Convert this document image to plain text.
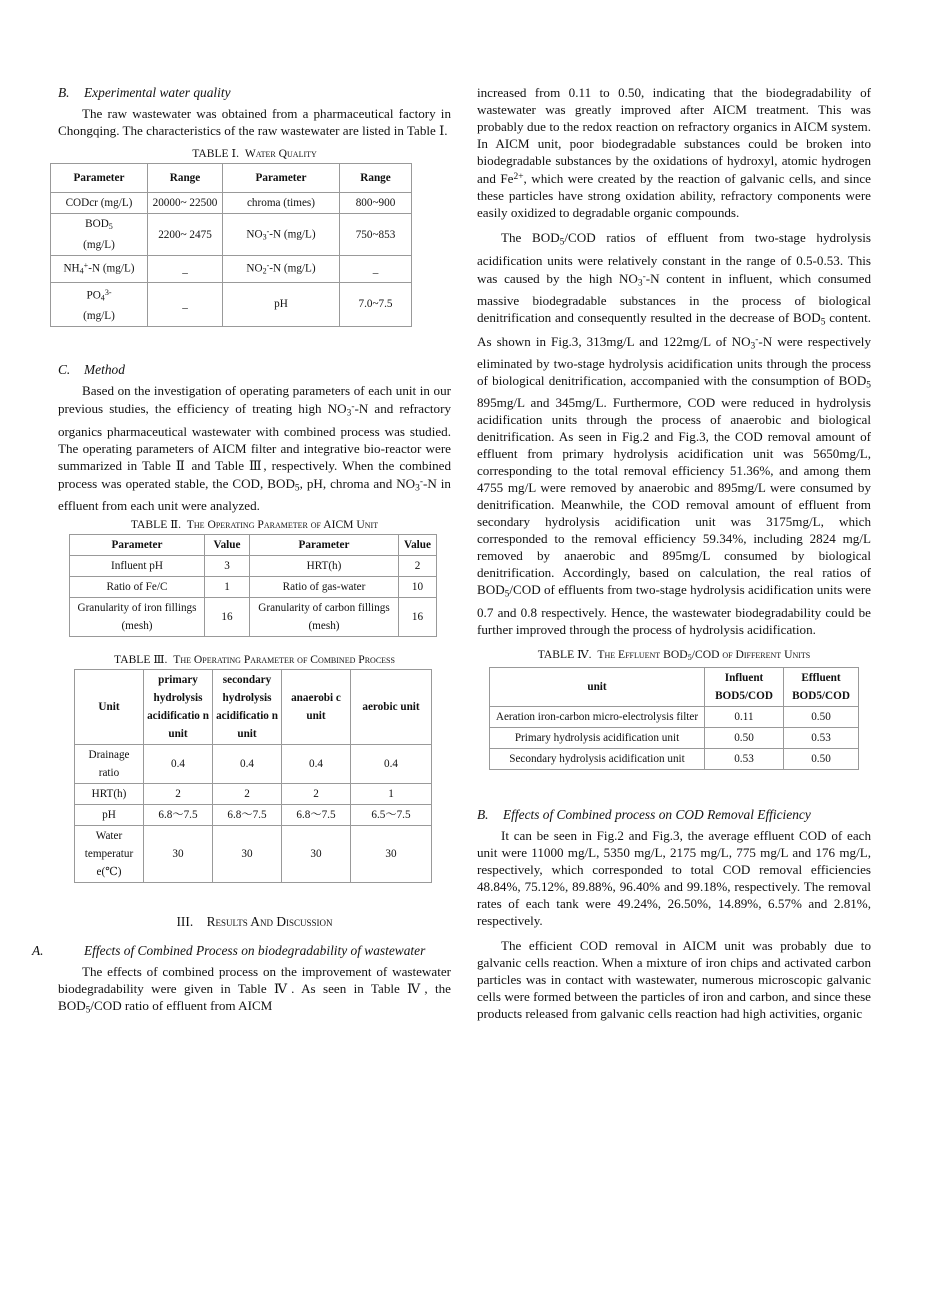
B. Experimental water quality

The raw wastewater was obtained from a pharmaceutical factory in Chongqing. The characteristics of the raw wastewater are listed in Table Ⅰ.

TABLE Ⅰ. Water Quality
Parameter	Range	Parameter	Range
CODcr (mg/L)	20000~ 22500	chroma (times)	800~900
$BOD_5$
(mg/L)	2200~ 2475	$NO_3^--N$ (mg/L)	750~853
$NH_4^+-N$ (mg/L)	_	$NO_2^--N$ (mg/L)	_
$PO_4^{3-}$
(mg/L)	_	pH	7.0~7.5
C. Method

Based on the investigation of operating parameters of each unit in our previous studies, the efficiency of treating high $NO_3^--N$ and refractory organics pharmaceutical wastewater with combined process was studied. The operating parameters of AICM filter and integrative bio-reactor were summarized in Table Ⅱ and Table Ⅲ, respectively. When the combined process was operated stable, the COD, $BOD_5$, pH, chroma and $NO_3^--N$ in effluent from each unit were analyzed.

TABLE Ⅱ. The Operating Parameter of AICM Unit
Parameter	Value	Parameter	Value
Influent pH	3	HRT(h)	2
Ratio of Fe/C	1	Ratio of gas-water	10
Granularity of iron fillings (mesh)	16	Granularity of carbon fillings (mesh)	16
TABLE Ⅲ. The Operating Parameter of Combined Process
Unit	primary hydrolysis acidificatio n unit	secondary hydrolysis acidificatio n unit	anaerobi c unit	aerobic unit
Drainage ratio	0.4	0.4	0.4	0.4
HRT(h)	2	2	2	1
pH	6.8～7.5	6.8～7.5	6.8～7.5	6.5～7.5
Water temperatur e(℃)	30	30	30	30
III. Results And Discussion
A.	Effects of Combined Process on biodegradability of wastewater

The effects of combined process on the improvement of wastewater biodegradability were given in Table Ⅳ. As seen in Table Ⅳ, the $BOD_5$/COD ratio of effluent from AICM

increased from 0.11 to 0.50, indicating that the biodegradability of wastewater was greatly improved after AICM treatment. This was probably due to the redox reaction on refractory organics in AICM system. In AICM unit, poor biodegradable substances could be broken into biodegradable substances by the oxidations of hydroxyl, atomic hydrogen and $Fe^{2+}$, which were created by the reaction of galvanic cells, and since these particles have strong oxidation ability, refractory components were easily oxidized to degradable organic compounds.

The $BOD_5$/COD ratios of effluent from two-stage hydrolysis acidification units were relatively constant in the range of 0.5-0.53. This was caused by the high $NO_3^--N$ content in influent, which consumed massive biodegradable substances in the process of biological denitrification and consequently resulted in the decrease of $BOD_5$ content. As shown in Fig.3, 313mg/L and 122mg/L of $NO_3^--N$ were respectively eliminated by two-stage hydrolysis acidification units through the process of biological denitrification, accompanied with the consumption of $BOD_5$ 895mg/L and 345mg/L. Furthermore, COD were reduced in hydrolysis acidification units through the process of anaerobic and biological denitrification. As seen in Fig.2 and Fig.3, the COD removal amount of effluent from primary hydrolysis acidification unit was 5650mg/L, corresponding to the total removal efficiency 51.36%, and among them 4755 mg/L were removed by anaerobic and 895mg/L were consumed by denitrification. Meanwhile, the COD removal amount of effluent from secondary hydrolysis acidification unit was 3175mg/L, which corresponded to the removal efficiency 59.34%, including 2824 mg/L removed by anaerobic and 895mg/L consumed by biological denitrification. Accordingly, based on calculation, the real ratios of $BOD_5$/COD of effluents from two-stage hydrolysis acidification units were 0.7 and 0.8 respectively. Hence, the wastewater biodegradability could be further improved through the process of hydrolysis acidification.

TABLE Ⅳ. The Effluent $BOD_5$/COD of Different Units
unit	Influent BOD5/COD	Effluent BOD5/COD
Aeration iron-carbon micro-electrolysis filter	0.11	0.50
Primary hydrolysis acidification unit	0.50	0.53
Secondary hydrolysis acidification unit	0.53	0.50
B. Effects of Combined process on COD Removal Efficiency

It can be seen in Fig.2 and Fig.3, the average effluent COD of each unit were 11000 mg/L, 5350 mg/L, 2175 mg/L, 775 mg/L and 176 mg/L, respectively, which corresponded to total COD removal efficiencies 48.84%, 75.12%, 89.88%, 96.40% and 99.18%, respectively. The removal rates of each tank were 49.24%, 26.50%, 14.89%, 6.57% and 2.81%, respectively.

The efficient COD removal in AICM unit was probably due to galvanic cells reaction. When a mixture of iron chips and activated carbon particles was in contact with wastewater, numerous microscopic galvanic cells were formed between the particles of iron and carbon, and since these products released from galvanic cells reaction had high activities, organic
